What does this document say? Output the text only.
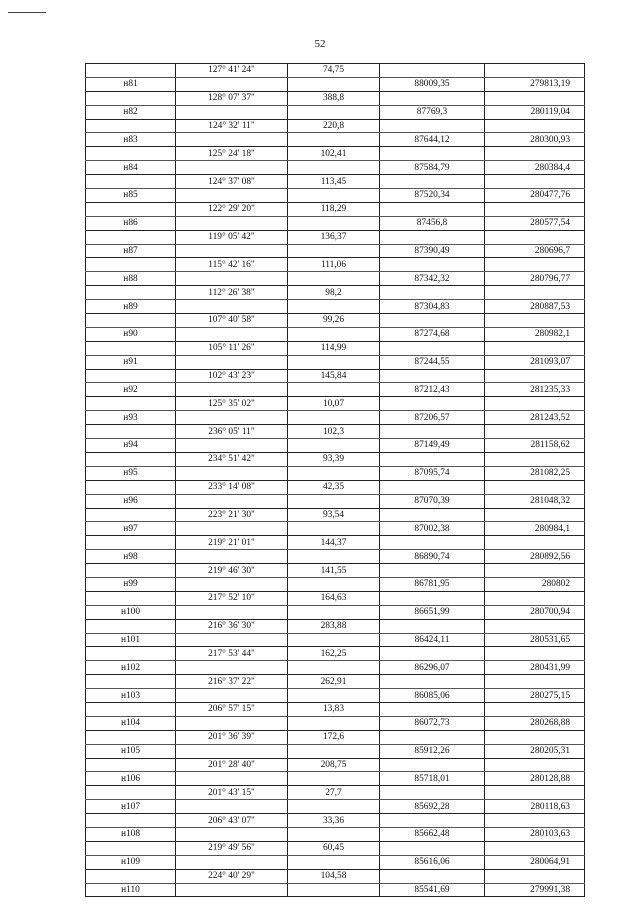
52
	127° 41' 24"	74,75		
н81			88009,35	279813,19
	128° 07' 37"	388,8		
н82			87769,3	280119,04
	124° 32' 11"	220,8		
н83			87644,12	280300,93
	125° 24' 18"	102,41		
н84			87584,79	280384,4
	124° 37' 08"	113,45		
н85			87520,34	280477,76
	122° 29' 20"	118,29		
н86			87456,8	280577,54
	119° 05' 42"	136,37		
н87			87390,49	280696,7
	115° 42' 16"	111,06		
н88			87342,32	280796,77
	112° 26' 38"	98,2		
н89			87304,83	280887,53
	107° 40' 58"	99,26		
н90			87274,68	280982,1
	105° 11' 26"	114,99		
н91			87244,55	281093,07
	102° 43' 23"	145,84		
н92			87212,43	281235,33
	125° 35' 02"	10,07		
н93			87206,57	281243,52
	236° 05' 11"	102,3		
н94			87149,49	281158,62
	234° 51' 42"	93,39		
н95			87095,74	281082,25
	233° 14' 08"	42,35		
н96			87070,39	281048,32
	223° 21' 30"	93,54		
н97			87002,38	280984,1
	219° 21' 01"	144,37		
н98			86890,74	280892,56
	219° 46' 30"	141,55		
н99			86781,95	280802
	217° 52' 10"	164,63		
н100			86651,99	280700,94
	216° 36' 30"	283,88		
н101			86424,11	280531,65
	217° 53' 44"	162,25		
н102			86296,07	280431,99
	216° 37' 22"	262,91		
н103			86085,06	280275,15
	206° 57' 15"	13,83		
н104			86072,73	280268,88
	201° 36' 39"	172,6		
н105			85912,26	280205,31
	201° 28' 40"	208,75		
н106			85718,01	280128,88
	201° 43' 15"	27,7		
н107			85692,28	280118,63
	206° 43' 07"	33,36		
н108			85662,48	280103,63
	219° 49' 56"	60,45		
н109			85616,06	280064,91
	224° 40' 29"	104,58		
н110			85541,69	279991,38
